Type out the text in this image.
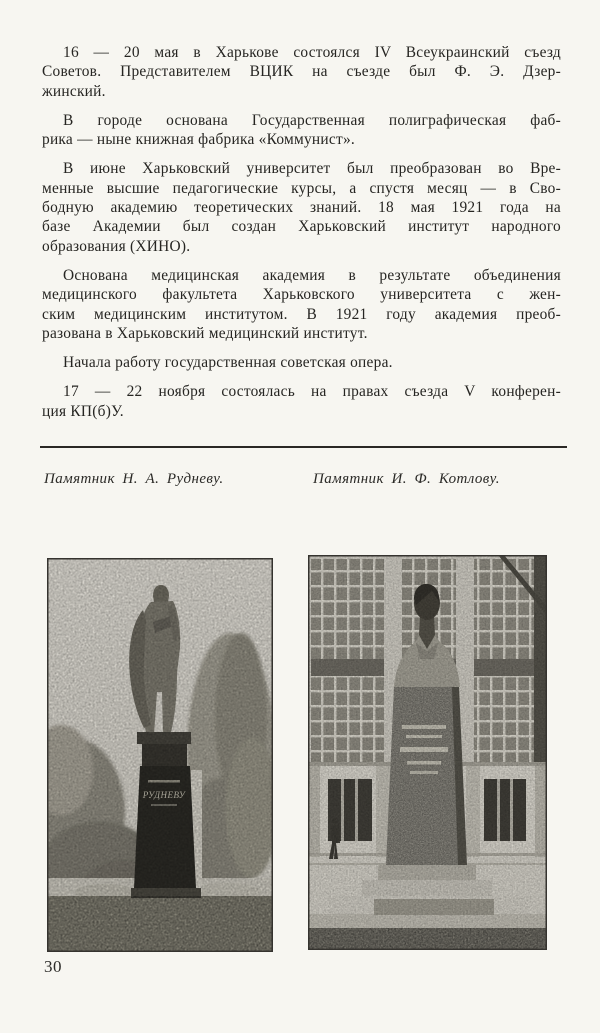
16 — 20 мая в Харькове состоялся IV Всеукраинский съезд
Советов. Представителем ВЦИК на съезде был Ф. Э. Дзер-
жинский.
В городе основана Государственная полиграфическая фаб-
рика — ныне книжная фабрика «Коммунист».
В июне Харьковский университет был преобразован во Вре-
менные высшие педагогические курсы, а спустя месяц — в Сво-
бодную академию теоретических знаний. 18 мая 1921 года на
базе Академии был создан Харьковский институт народного
образования (ХИНО).
Основана медицинская академия в результате объединения
медицинского факультета Харьковского университета с жен-
ским медицинским институтом. В 1921 году академия преоб-
разована в Харьковский медицинский институт.
Начала работу государственная советская опера.
17 — 22 ноября состоялась на правах съезда V конферен-
ция КП(б)У.
Памятник Н. А. Рудневу.	Памятник И. Ф. Котлову.
РУДНЕВУ
30
